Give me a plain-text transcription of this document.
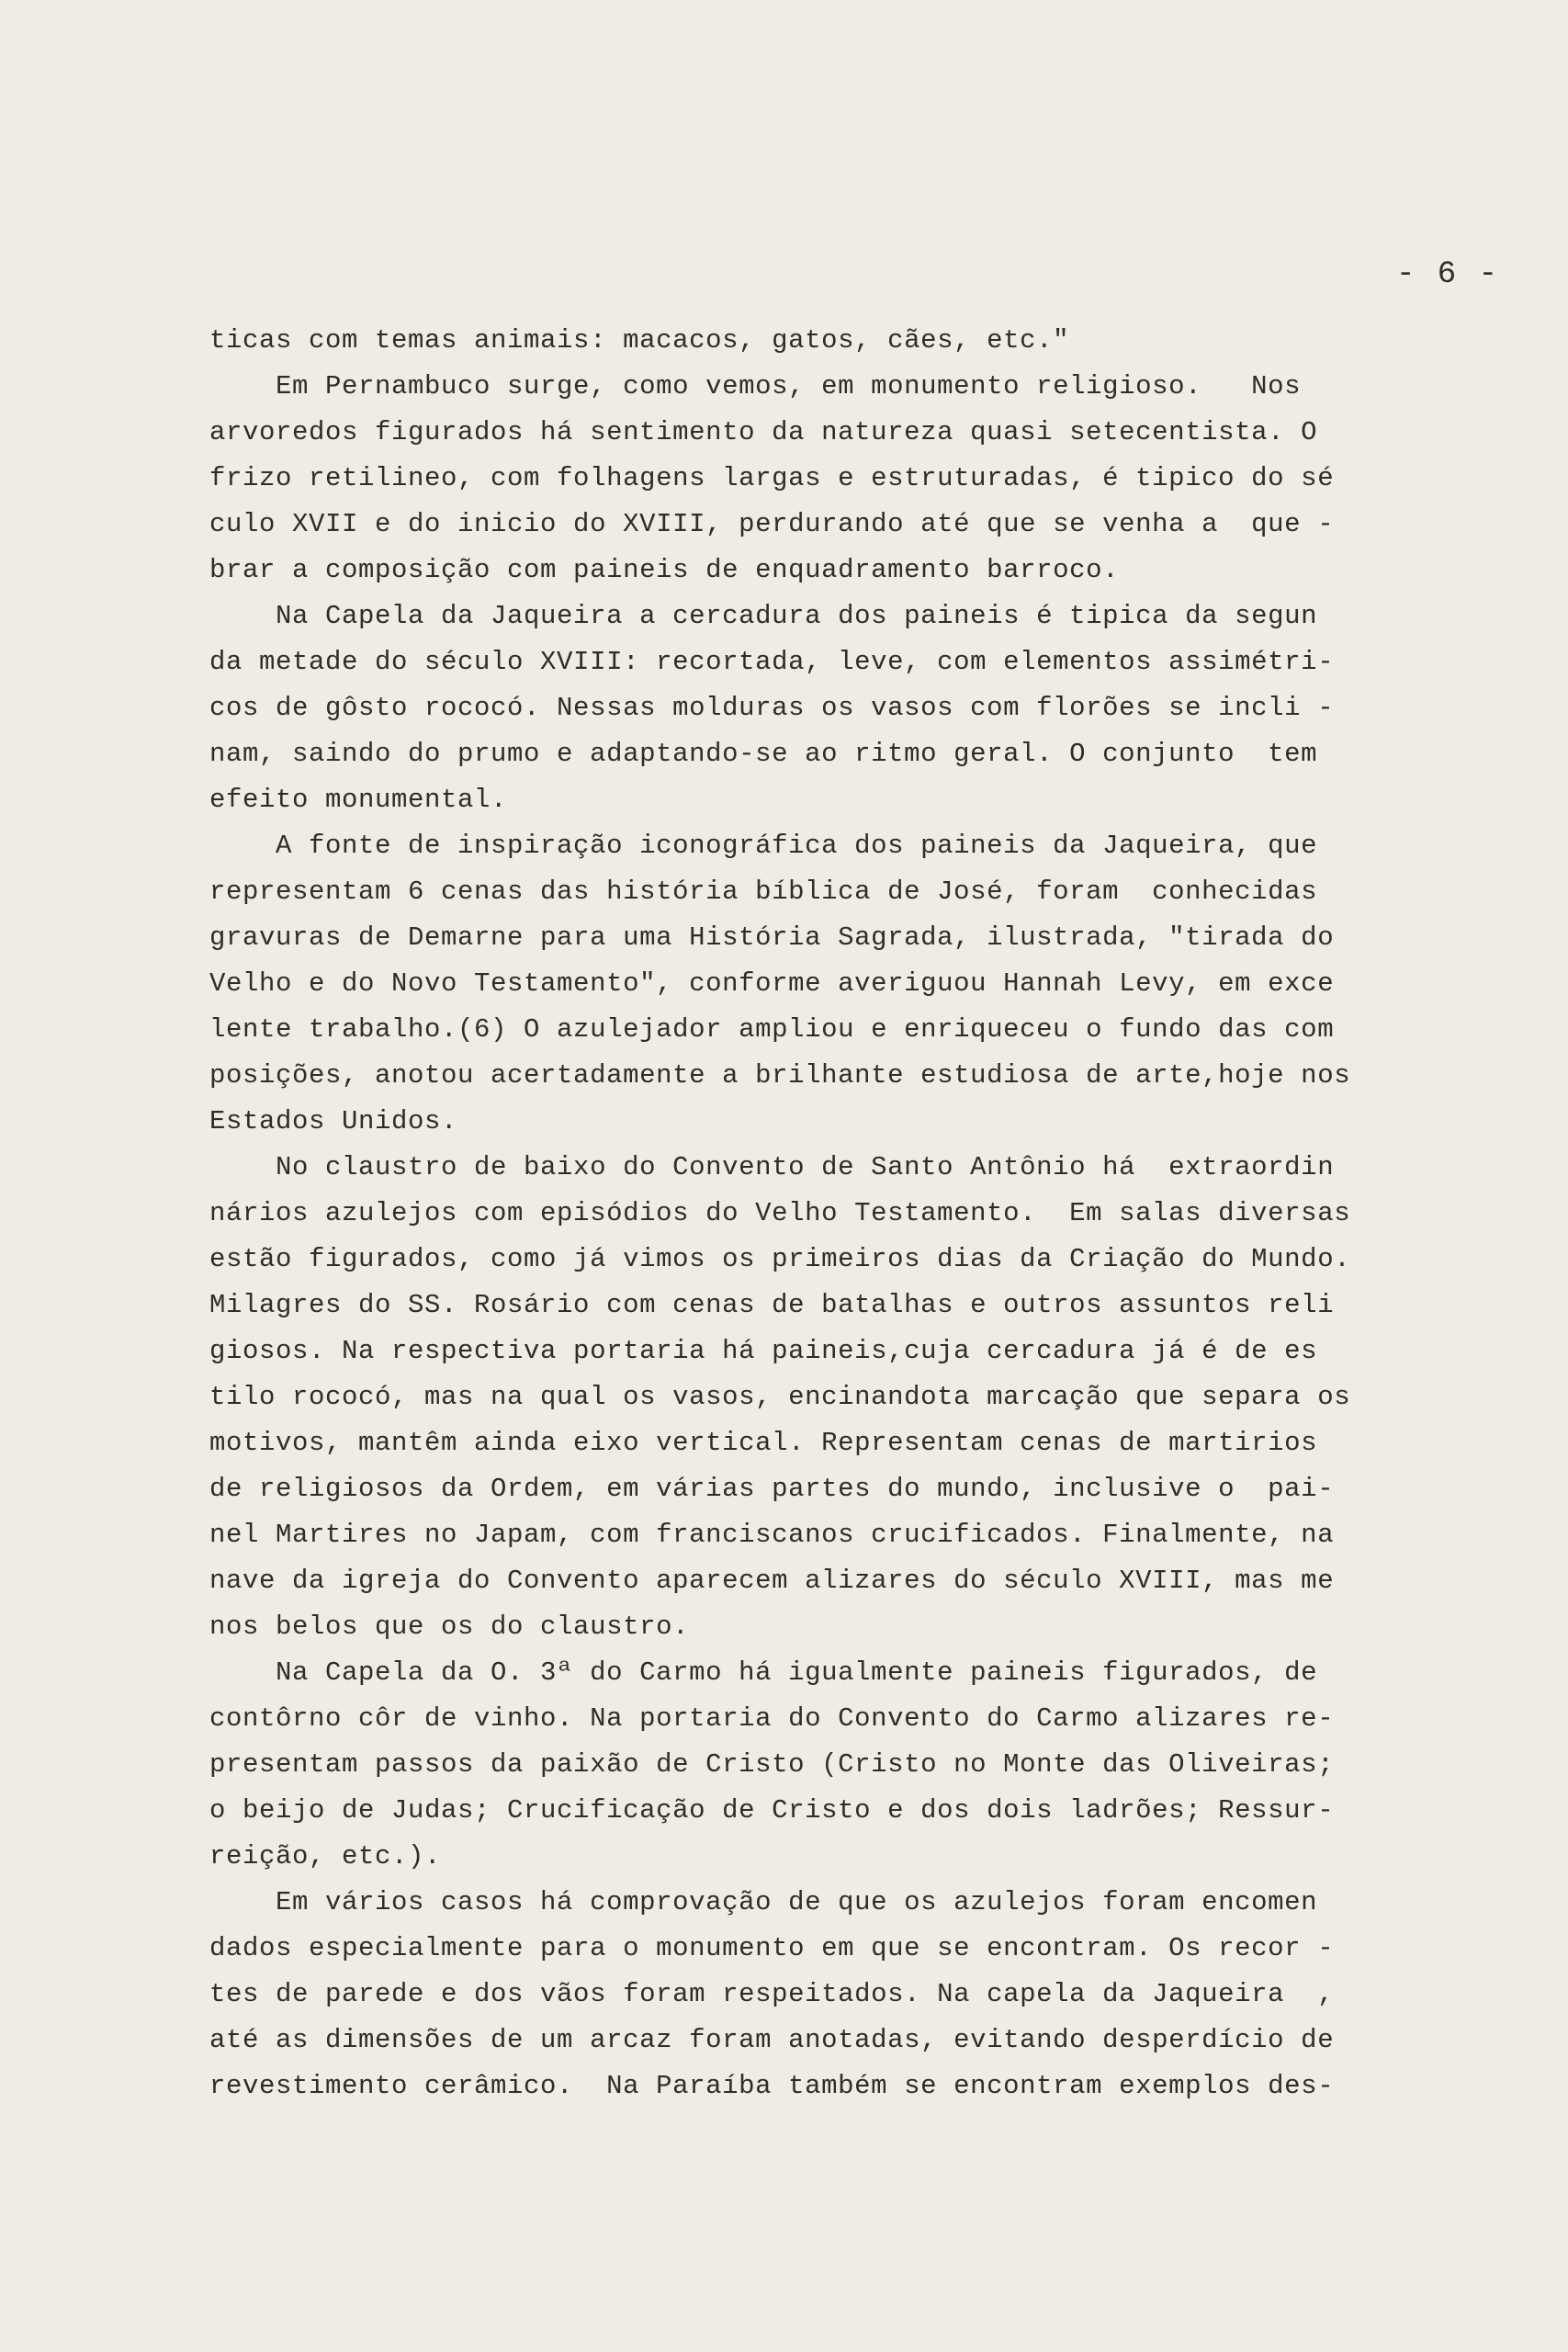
- 6 -
ticas com temas animais: macacos, gatos, cães, etc."
Em Pernambuco surge, como vemos, em monumento religioso.   Nos
arvoredos figurados há sentimento da natureza quasi setecentista. O
frizo retilineo, com folhagens largas e estruturadas, é tipico do sé
culo XVII e do inicio do XVIII, perdurando até que se venha a  que -
brar a composição com paineis de enquadramento barroco.
Na Capela da Jaqueira a cercadura dos paineis é tipica da segun
da metade do século XVIII: recortada, leve, com elementos assimétri-
cos de gôsto rococó. Nessas molduras os vasos com florões se incli -
nam, saindo do prumo e adaptando-se ao ritmo geral. O conjunto  tem
efeito monumental.
A fonte de inspiração iconográfica dos paineis da Jaqueira, que
representam 6 cenas das história bíblica de José, foram  conhecidas
gravuras de Demarne para uma História Sagrada, ilustrada, "tirada do
Velho e do Novo Testamento", conforme averiguou Hannah Levy, em exce
lente trabalho.(6) O azulejador ampliou e enriqueceu o fundo das com
posições, anotou acertadamente a brilhante estudiosa de arte,hoje nos
Estados Unidos.
No claustro de baixo do Convento de Santo Antônio há  extraordin
nários azulejos com episódios do Velho Testamento.  Em salas diversas
estão figurados, como já vimos os primeiros dias da Criação do Mundo.
Milagres do SS. Rosário com cenas de batalhas e outros assuntos reli
giosos. Na respectiva portaria há paineis,cuja cercadura já é de es
tilo rococó, mas na qual os vasos, encinandota marcação que separa os
motivos, mantêm ainda eixo vertical. Representam cenas de martirios
de religiosos da Ordem, em várias partes do mundo, inclusive o  pai-
nel Martires no Japam, com franciscanos crucificados. Finalmente, na
nave da igreja do Convento aparecem alizares do século XVIII, mas me
nos belos que os do claustro.
Na Capela da O. 3ª do Carmo há igualmente paineis figurados, de
contôrno côr de vinho. Na portaria do Convento do Carmo alizares re-
presentam passos da paixão de Cristo (Cristo no Monte das Oliveiras;
o beijo de Judas; Crucificação de Cristo e dos dois ladrões; Ressur-
reição, etc.).
Em vários casos há comprovação de que os azulejos foram encomen
dados especialmente para o monumento em que se encontram. Os recor -
tes de parede e dos vãos foram respeitados. Na capela da Jaqueira  ,
até as dimensões de um arcaz foram anotadas, evitando desperdício de
revestimento cerâmico.  Na Paraíba também se encontram exemplos des-
